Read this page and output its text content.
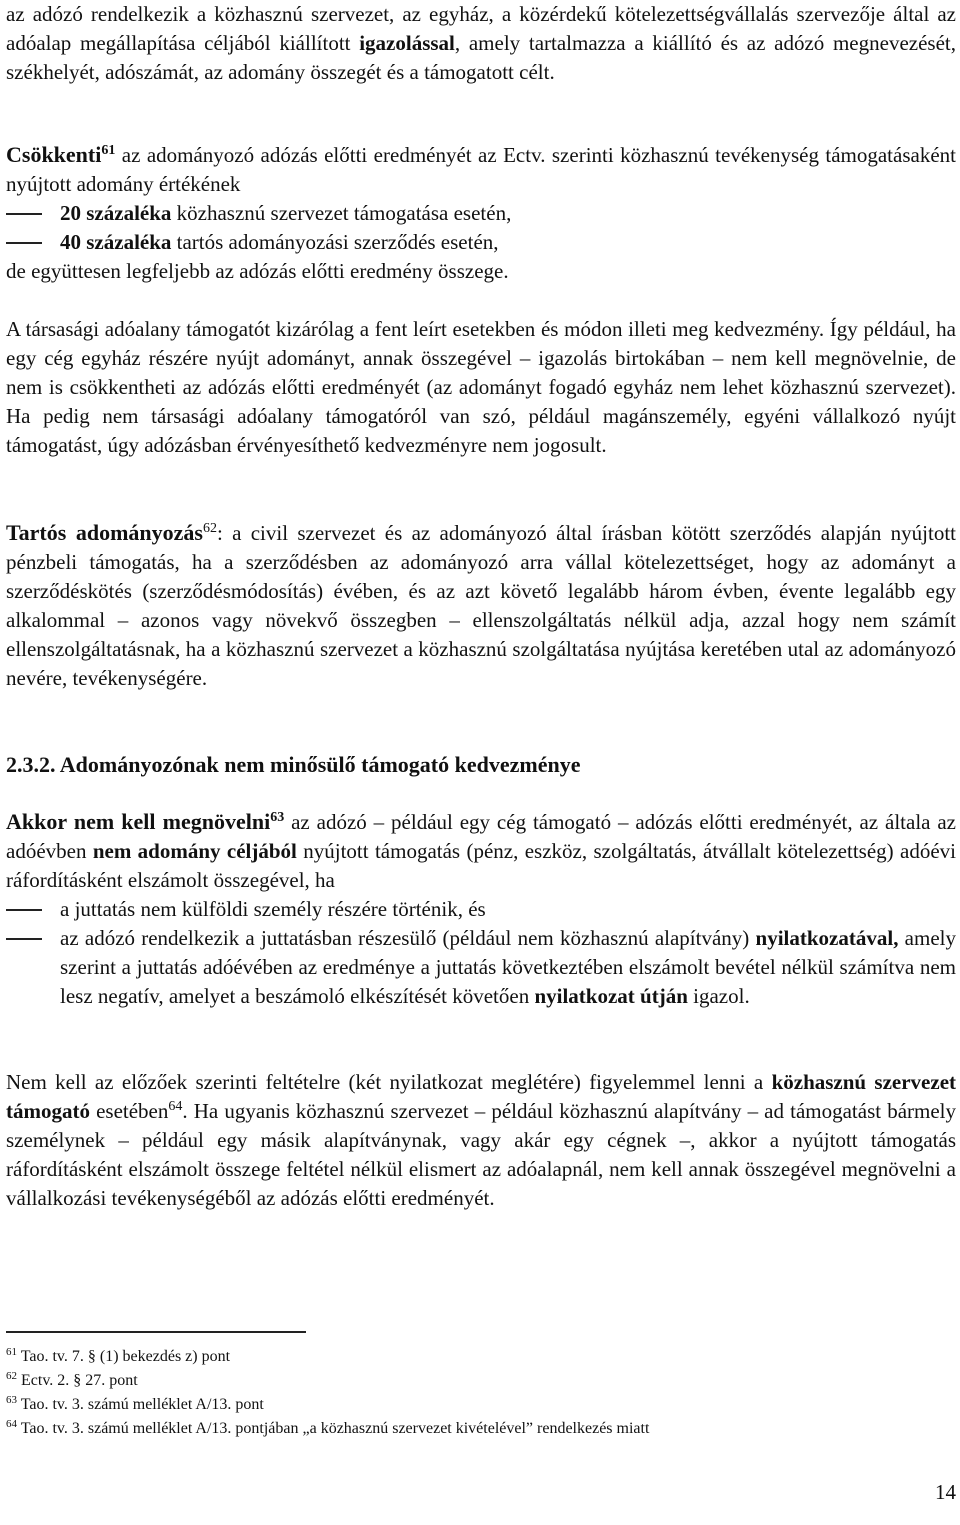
az adózó rendelkezik a közhasznú szervezet, az egyház, a közérdekű kötelezettségvállalás szervezője által az adóalap megállapítása céljából kiállított igazolással, amely tartalmazza a kiállító és az adózó megnevezését, székhelyét, adószámát, az adomány összegét és a támogatott célt.

Csökkenti$^{61}$ az adományozó adózás előtti eredményét az Ectv. szerinti közhasznú tevékenység támogatásaként nyújtott adomány értékének

20 százaléka közhasznú szervezet támogatása esetén,
40 százaléka tartós adományozási szerződés esetén,

de együttesen legfeljebb az adózás előtti eredmény összege.

A társasági adóalany támogatót kizárólag a fent leírt esetekben és módon illeti meg kedvezmény. Így például, ha egy cég egyház részére nyújt adományt, annak összegével – igazolás birtokában – nem kell megnövelnie, de nem is csökkentheti az adózás előtti eredményét (az adományt fogadó egyház nem lehet közhasznú szervezet). Ha pedig nem társasági adóalany támogatóról van szó, például magánszemély, egyéni vállalkozó nyújt támogatást, úgy adózásban érvényesíthető kedvezményre nem jogosult.

Tartós adományozás$^{62}$: a civil szervezet és az adományozó által írásban kötött szerződés alapján nyújtott pénzbeli támogatás, ha a szerződésben az adományozó arra vállal kötelezettséget, hogy az adományt a szerződéskötés (szerződésmódosítás) évében, és az azt követő legalább három évben, évente legalább egy alkalommal – azonos vagy növekvő összegben – ellenszolgáltatás nélkül adja, azzal hogy nem számít ellenszolgáltatásnak, ha a közhasznú szervezet a közhasznú szolgáltatása nyújtása keretében utal az adományozó nevére, tevékenységére.

2.3.2. Adományozónak nem minősülő támogató kedvezménye

Akkor nem kell megnövelni$^{63}$ az adózó – például egy cég támogató – adózás előtti eredményét, az általa az adóévben nem adomány céljából nyújtott támogatás (pénz, eszköz, szolgáltatás, átvállalt kötelezettség) adóévi ráfordításként elszámolt összegével, ha

a juttatás nem külföldi személy részére történik, és
az adózó rendelkezik a juttatásban részesülő (például nem közhasznú alapítvány) nyilatkozatával, amely szerint a juttatás adóévében az eredménye a juttatás következtében elszámolt bevétel nélkül számítva nem lesz negatív, amelyet a beszámoló elkészítését követően nyilatkozat útján igazol.

Nem kell az előzőek szerinti feltételre (két nyilatkozat meglétére) figyelemmel lenni a közhasznú szervezet támogató esetében$^{64}$. Ha ugyanis közhasznú szervezet – például közhasznú alapítvány – ad támogatást bármely személynek – például egy másik alapítványnak, vagy akár egy cégnek –, akkor a nyújtott támogatás ráfordításként elszámolt összege feltétel nélkül elismert az adóalapnál, nem kell annak összegével megnövelni a vállalkozási tevékenységéből az adózás előtti eredményét.

$^{61}$ Tao. tv. 7. § (1) bekezdés z) pont
$^{62}$ Ectv. 2. § 27. pont
$^{63}$ Tao. tv. 3. számú melléklet A/13. pont
$^{64}$ Tao. tv. 3. számú melléklet A/13. pontjában „a közhasznú szervezet kivételével” rendelkezés miatt
14
